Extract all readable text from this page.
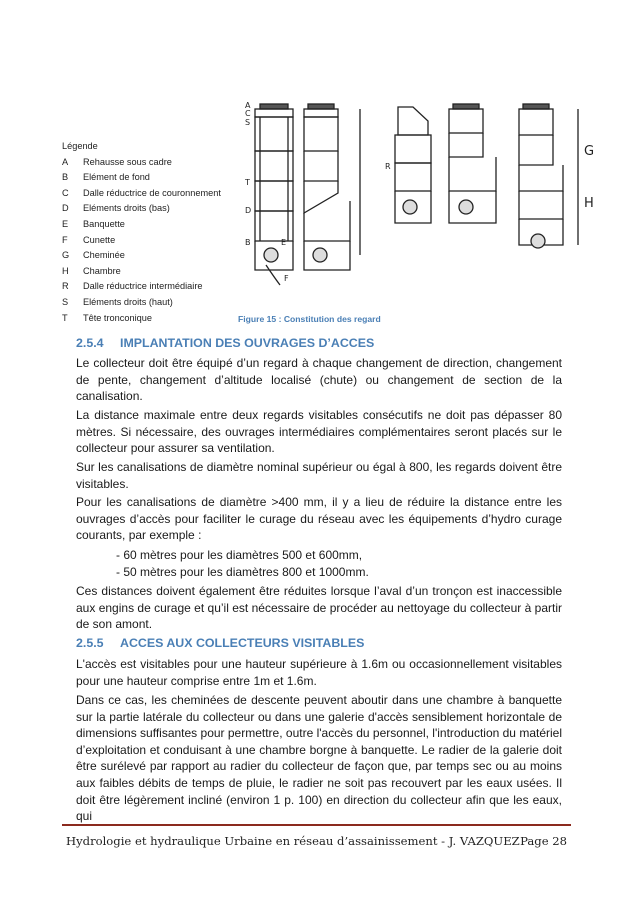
Légende
A	Rehausse sous cadre
B	Elément de fond
C	Dalle réductrice de couronnement
D	Eléments droits (bas)
E	Banquette
F	Cunette
G	Cheminée
H	Chambre
R	Dalle réductrice intermédiaire
S	Eléments droits (haut)
T	Tête tronconique
A
C
S
T
D
B	E
F
R
G
H
Figure 15 : Constitution des regard
2.5.4 IMPLANTATION DES OUVRAGES D’ACCES
Le collecteur doit être équipé d’un regard à chaque changement de direction, changement de pente, changement d’altitude localisé (chute) ou changement de section de la canalisation.
La distance maximale entre deux regards visitables consécutifs ne doit pas dépasser 80 mètres. Si nécessaire, des ouvrages intermédiaires complémentaires seront placés sur le collecteur pour assurer sa ventilation.
Sur les canalisations de diamètre nominal supérieur ou égal à 800, les regards doivent être visitables.
Pour les canalisations de diamètre >400 mm, il y a lieu de réduire la distance entre les ouvrages d’accès pour faciliter le curage du réseau avec les équipements d’hydro curage courants, par exemple :
- 60 mètres pour les diamètres 500 et 600mm,
- 50 mètres pour les diamètres 800 et 1000mm.
Ces distances doivent également être réduites lorsque l’aval d’un tronçon est inaccessible aux engins de curage et qu’il est nécessaire de procéder au nettoyage du collecteur à partir de son amont.
2.5.5 ACCES AUX COLLECTEURS VISITABLES
L'accès est visitables pour une hauteur supérieure à 1.6m ou occasionnellement visitables pour une hauteur comprise entre 1m et 1.6m.
Dans ce cas, les cheminées de descente peuvent aboutir dans une chambre à banquette sur la partie latérale du collecteur ou dans une galerie d'accès sensiblement horizontale de dimensions suffisantes pour permettre, outre l'accès du personnel, l'introduction du matériel d’exploitation et conduisant à une chambre borgne à banquette. Le radier de la galerie doit être surélevé par rapport au radier du collecteur de façon que, par temps sec ou au moins aux faibles débits de temps de pluie, le radier ne soit pas recouvert par les eaux usées. Il doit être légèrement incliné (environ 1 p. 100) en direction du collecteur afin que les eaux, qui
Hydrologie et hydraulique Urbaine en réseau d’assainissement - J. VAZQUEZ Page 28
